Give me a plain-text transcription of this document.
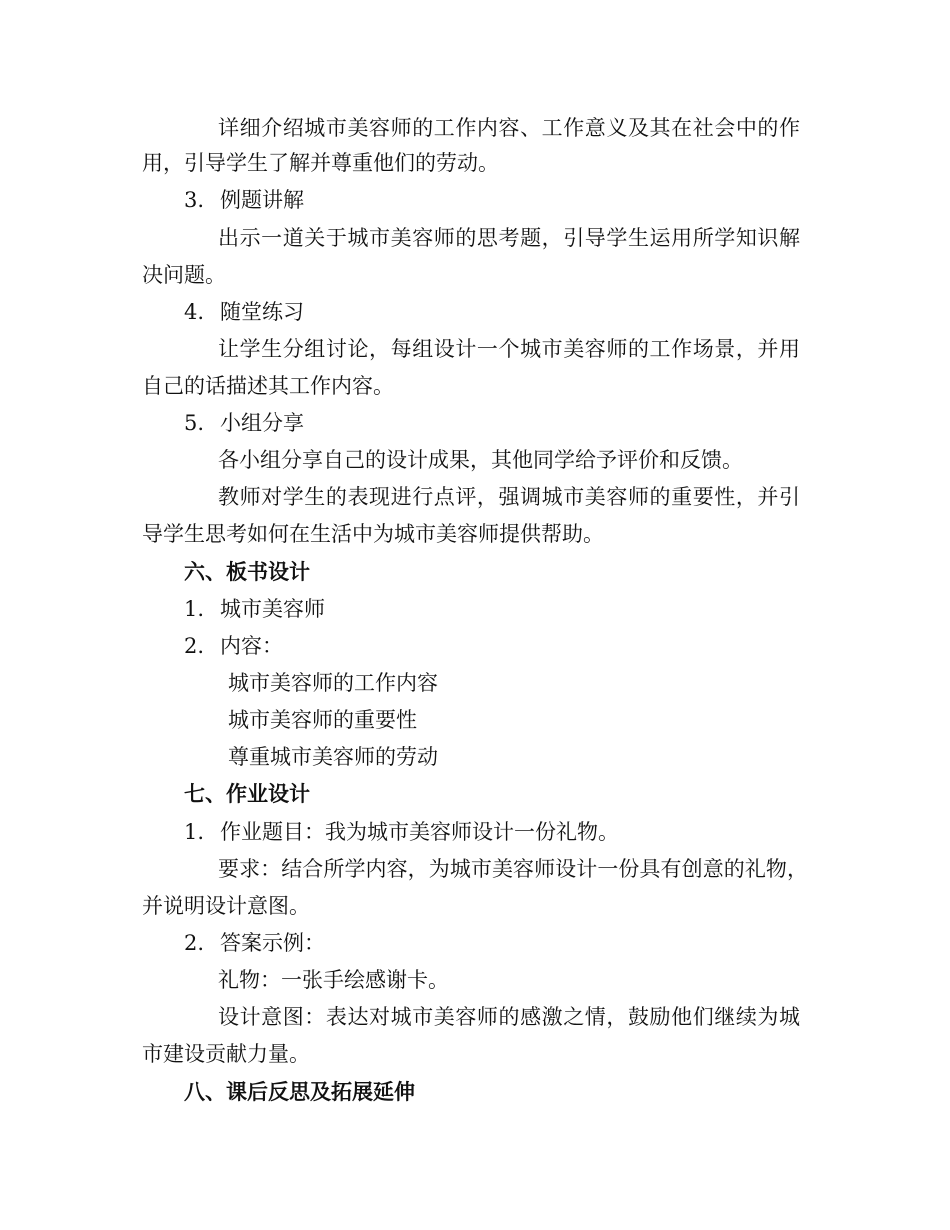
详细介绍城市美容师的工作内容、工作意义及其在社会中的作
用，引导学生了解并尊重他们的劳动。
3. 例题讲解
出示一道关于城市美容师的思考题，引导学生运用所学知识解
决问题。
4. 随堂练习
让学生分组讨论，每组设计一个城市美容师的工作场景，并用
自己的话描述其工作内容。
5. 小组分享
各小组分享自己的设计成果，其他同学给予评价和反馈。
教师对学生的表现进行点评，强调城市美容师的重要性，并引
导学生思考如何在生活中为城市美容师提供帮助。
六、板书设计
1. 城市美容师
2. 内容：
城市美容师的工作内容
城市美容师的重要性
尊重城市美容师的劳动
七、作业设计
1. 作业题目：我为城市美容师设计一份礼物。
要求：结合所学内容，为城市美容师设计一份具有创意的礼物，
并说明设计意图。
2. 答案示例：
礼物：一张手绘感谢卡。
设计意图：表达对城市美容师的感激之情，鼓励他们继续为城
市建设贡献力量。
八、课后反思及拓展延伸
